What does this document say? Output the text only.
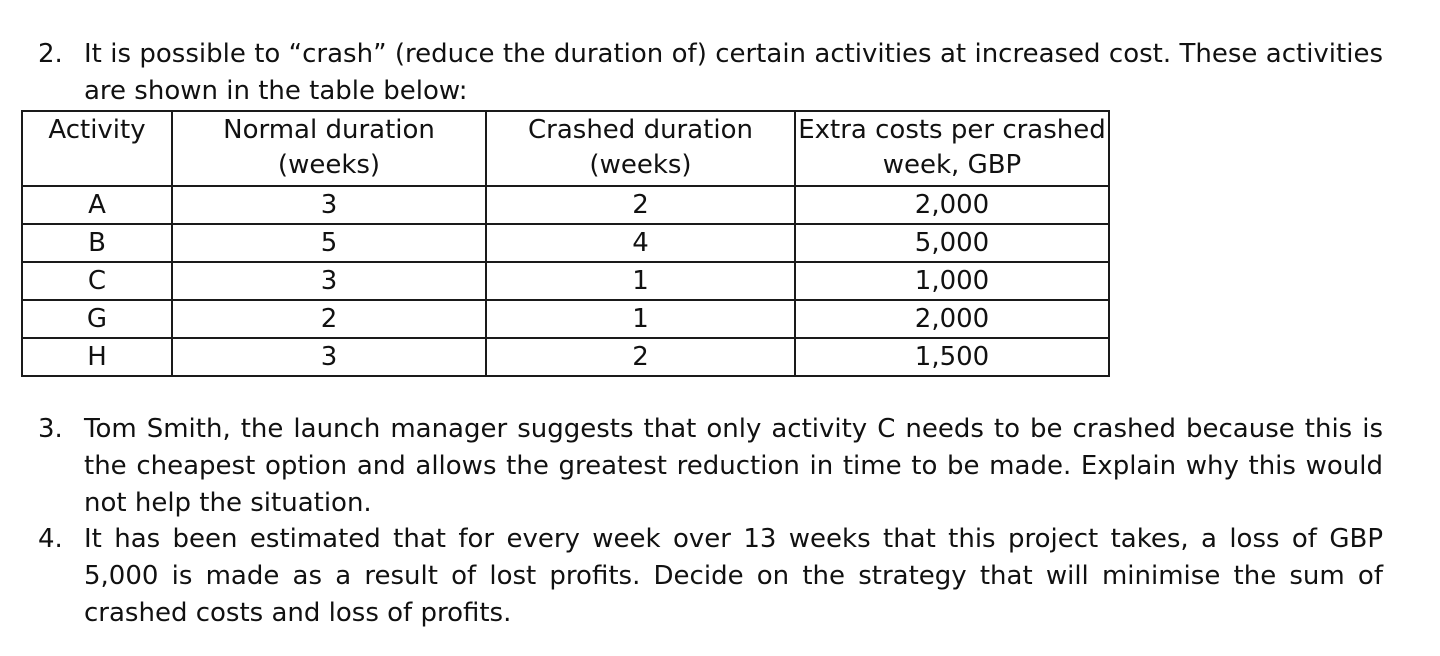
2. It is possible to “crash” (reduce the duration of) certain activities at increased cost. These activities are shown in the table below:
Activity	Normal duration (weeks)	Crashed duration (weeks)	Extra costs per crashed week, GBP
A	3	2	2,000
B	5	4	5,000
C	3	1	1,000
G	2	1	2,000
H	3	2	1,500
3. Tom Smith, the launch manager suggests that only activity C needs to be crashed because this is the cheapest option and allows the greatest reduction in time to be made. Explain why this would not help the situation.
4. It has been estimated that for every week over 13 weeks that this project takes, a loss of GBP 5,000 is made as a result of lost profits. Decide on the strategy that will minimise the sum of crashed costs and loss of profits.
